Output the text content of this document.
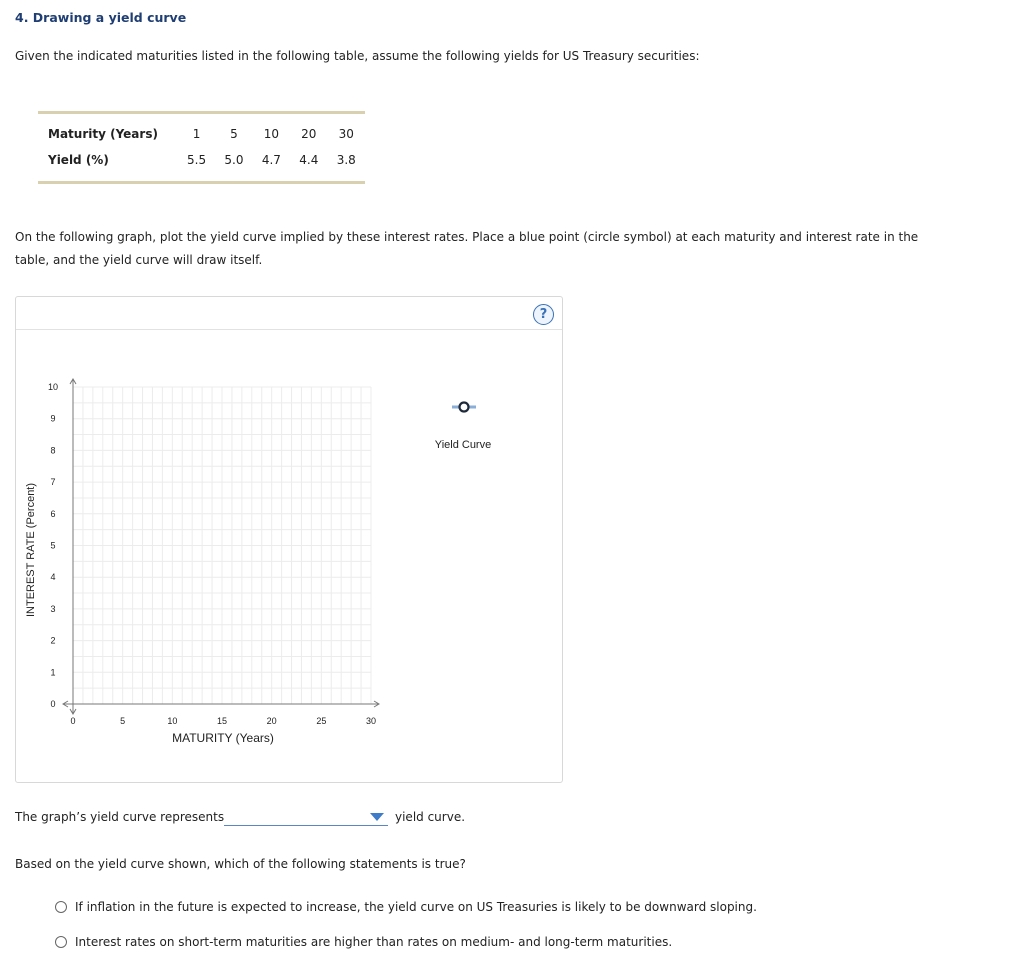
4. Drawing a yield curve
Given the indicated maturities listed in the following table, assume the following yields for US Treasury securities:
Maturity (Years)	1	5	10	20	30
Yield (%)	5.5	5.0	4.7	4.4	3.8
On the following graph, plot the yield curve implied by these interest rates. Place a blue point (circle symbol) at each maturity and interest rate in the
table, and the yield curve will draw itself.
?
0
1
2
3
4
5
6
7
8
9
10
0	5	10	15	20	25	30
INTEREST RATE (Percent)
MATURITY (Years)
Yield Curve
The graph’s yield curve represents	yield curve.
Based on the yield curve shown, which of the following statements is true?
If inflation in the future is expected to increase, the yield curve on US Treasuries is likely to be downward sloping.
Interest rates on short-term maturities are higher than rates on medium- and long-term maturities.
